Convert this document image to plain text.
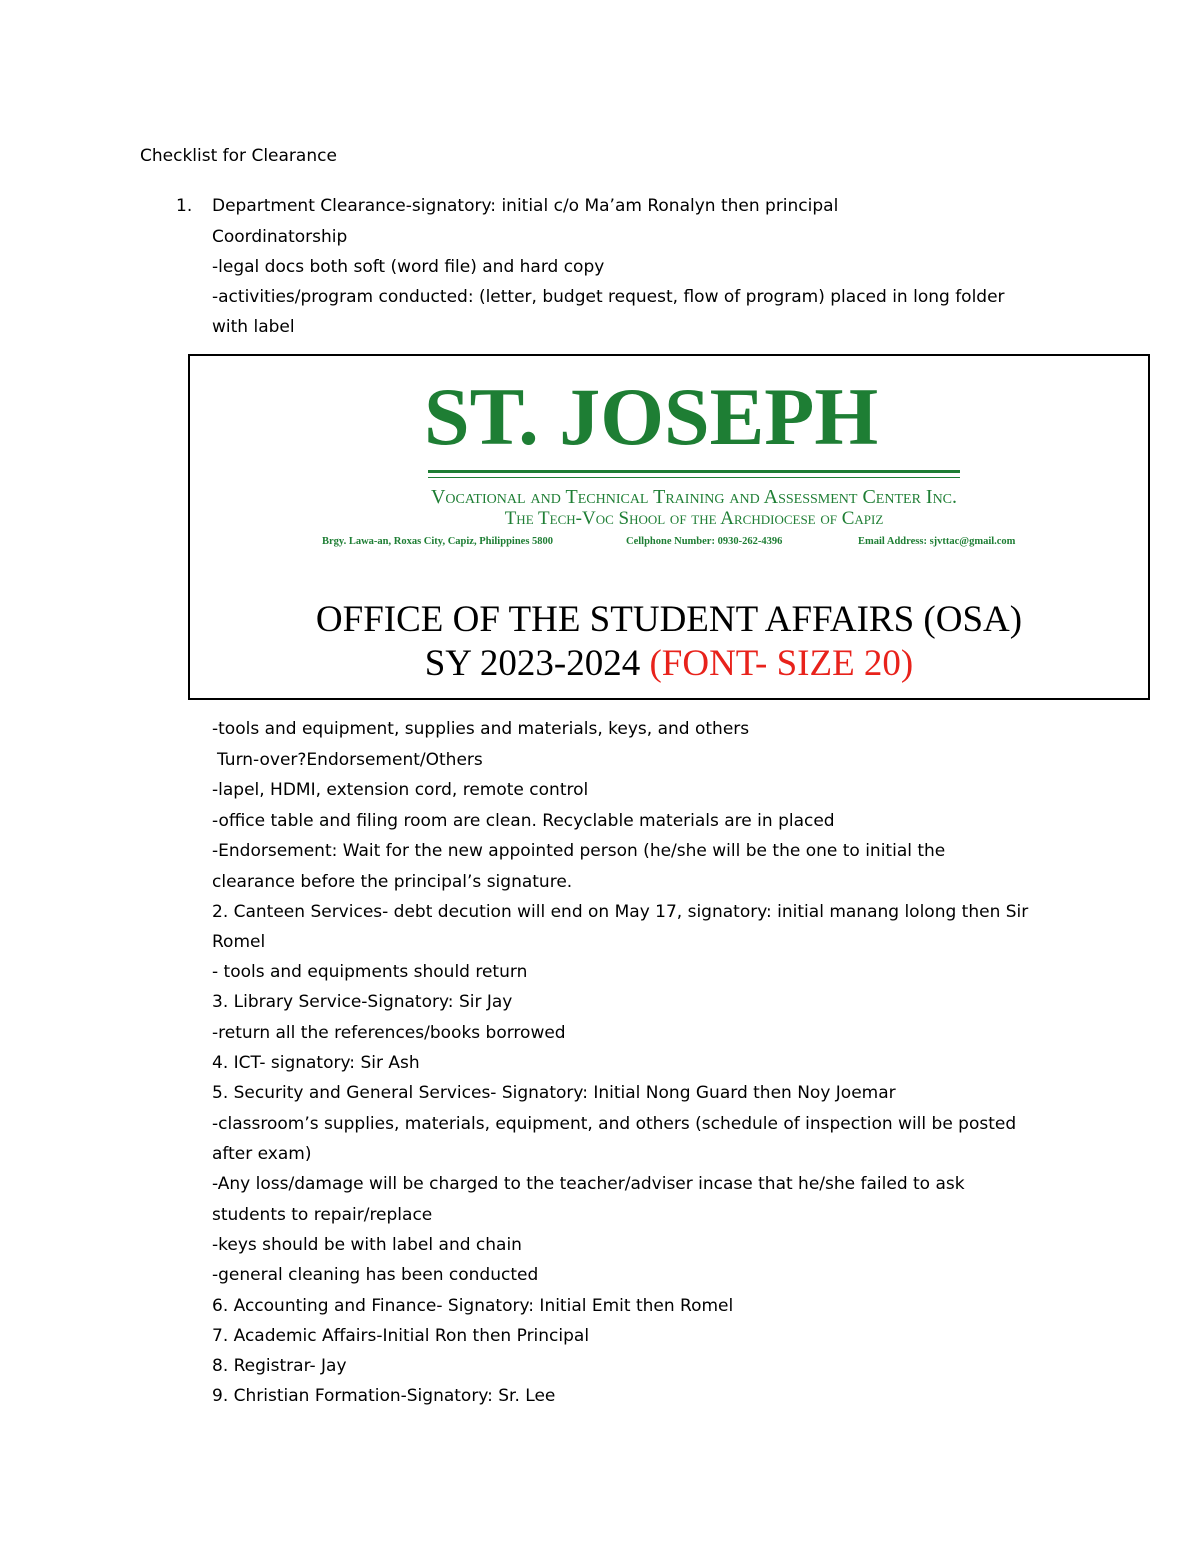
Checklist for Clearance
1. Department Clearance-signatory: initial c/o Ma’am Ronalyn then principal
Coordinatorship
-legal docs both soft (word file) and hard copy
-activities/program conducted: (letter, budget request, flow of program) placed in long folder
with label
ST. JOSEPH
Vocational and Technical Training and Assessment Center Inc.
The Tech-Voc Shool of the Archdiocese of Capiz
Brgy. Lawa-an, Roxas City, Capiz, Philippines 5800	Cellphone Number: 0930-262-4396	Email Address: sjvttac@gmail.com
OFFICE OF THE STUDENT AFFAIRS (OSA)
SY 2023-2024 (FONT- SIZE 20)
-tools and equipment, supplies and materials, keys, and others
Turn-over?Endorsement/Others
-lapel, HDMI, extension cord, remote control
-office table and filing room are clean. Recyclable materials are in placed
-Endorsement: Wait for the new appointed person (he/she will be the one to initial the
clearance before the principal’s signature.
2. Canteen Services- debt decution will end on May 17, signatory: initial manang lolong then Sir
Romel
- tools and equipments should return
3. Library Service-Signatory: Sir Jay
-return all the references/books borrowed
4. ICT- signatory: Sir Ash
5. Security and General Services- Signatory: Initial Nong Guard then Noy Joemar
-classroom’s supplies, materials, equipment, and others (schedule of inspection will be posted
after exam)
-Any loss/damage will be charged to the teacher/adviser incase that he/she failed to ask
students to repair/replace
-keys should be with label and chain
-general cleaning has been conducted
6. Accounting and Finance- Signatory: Initial Emit then Romel
7. Academic Affairs-Initial Ron then Principal
8. Registrar- Jay
9. Christian Formation-Signatory: Sr. Lee
